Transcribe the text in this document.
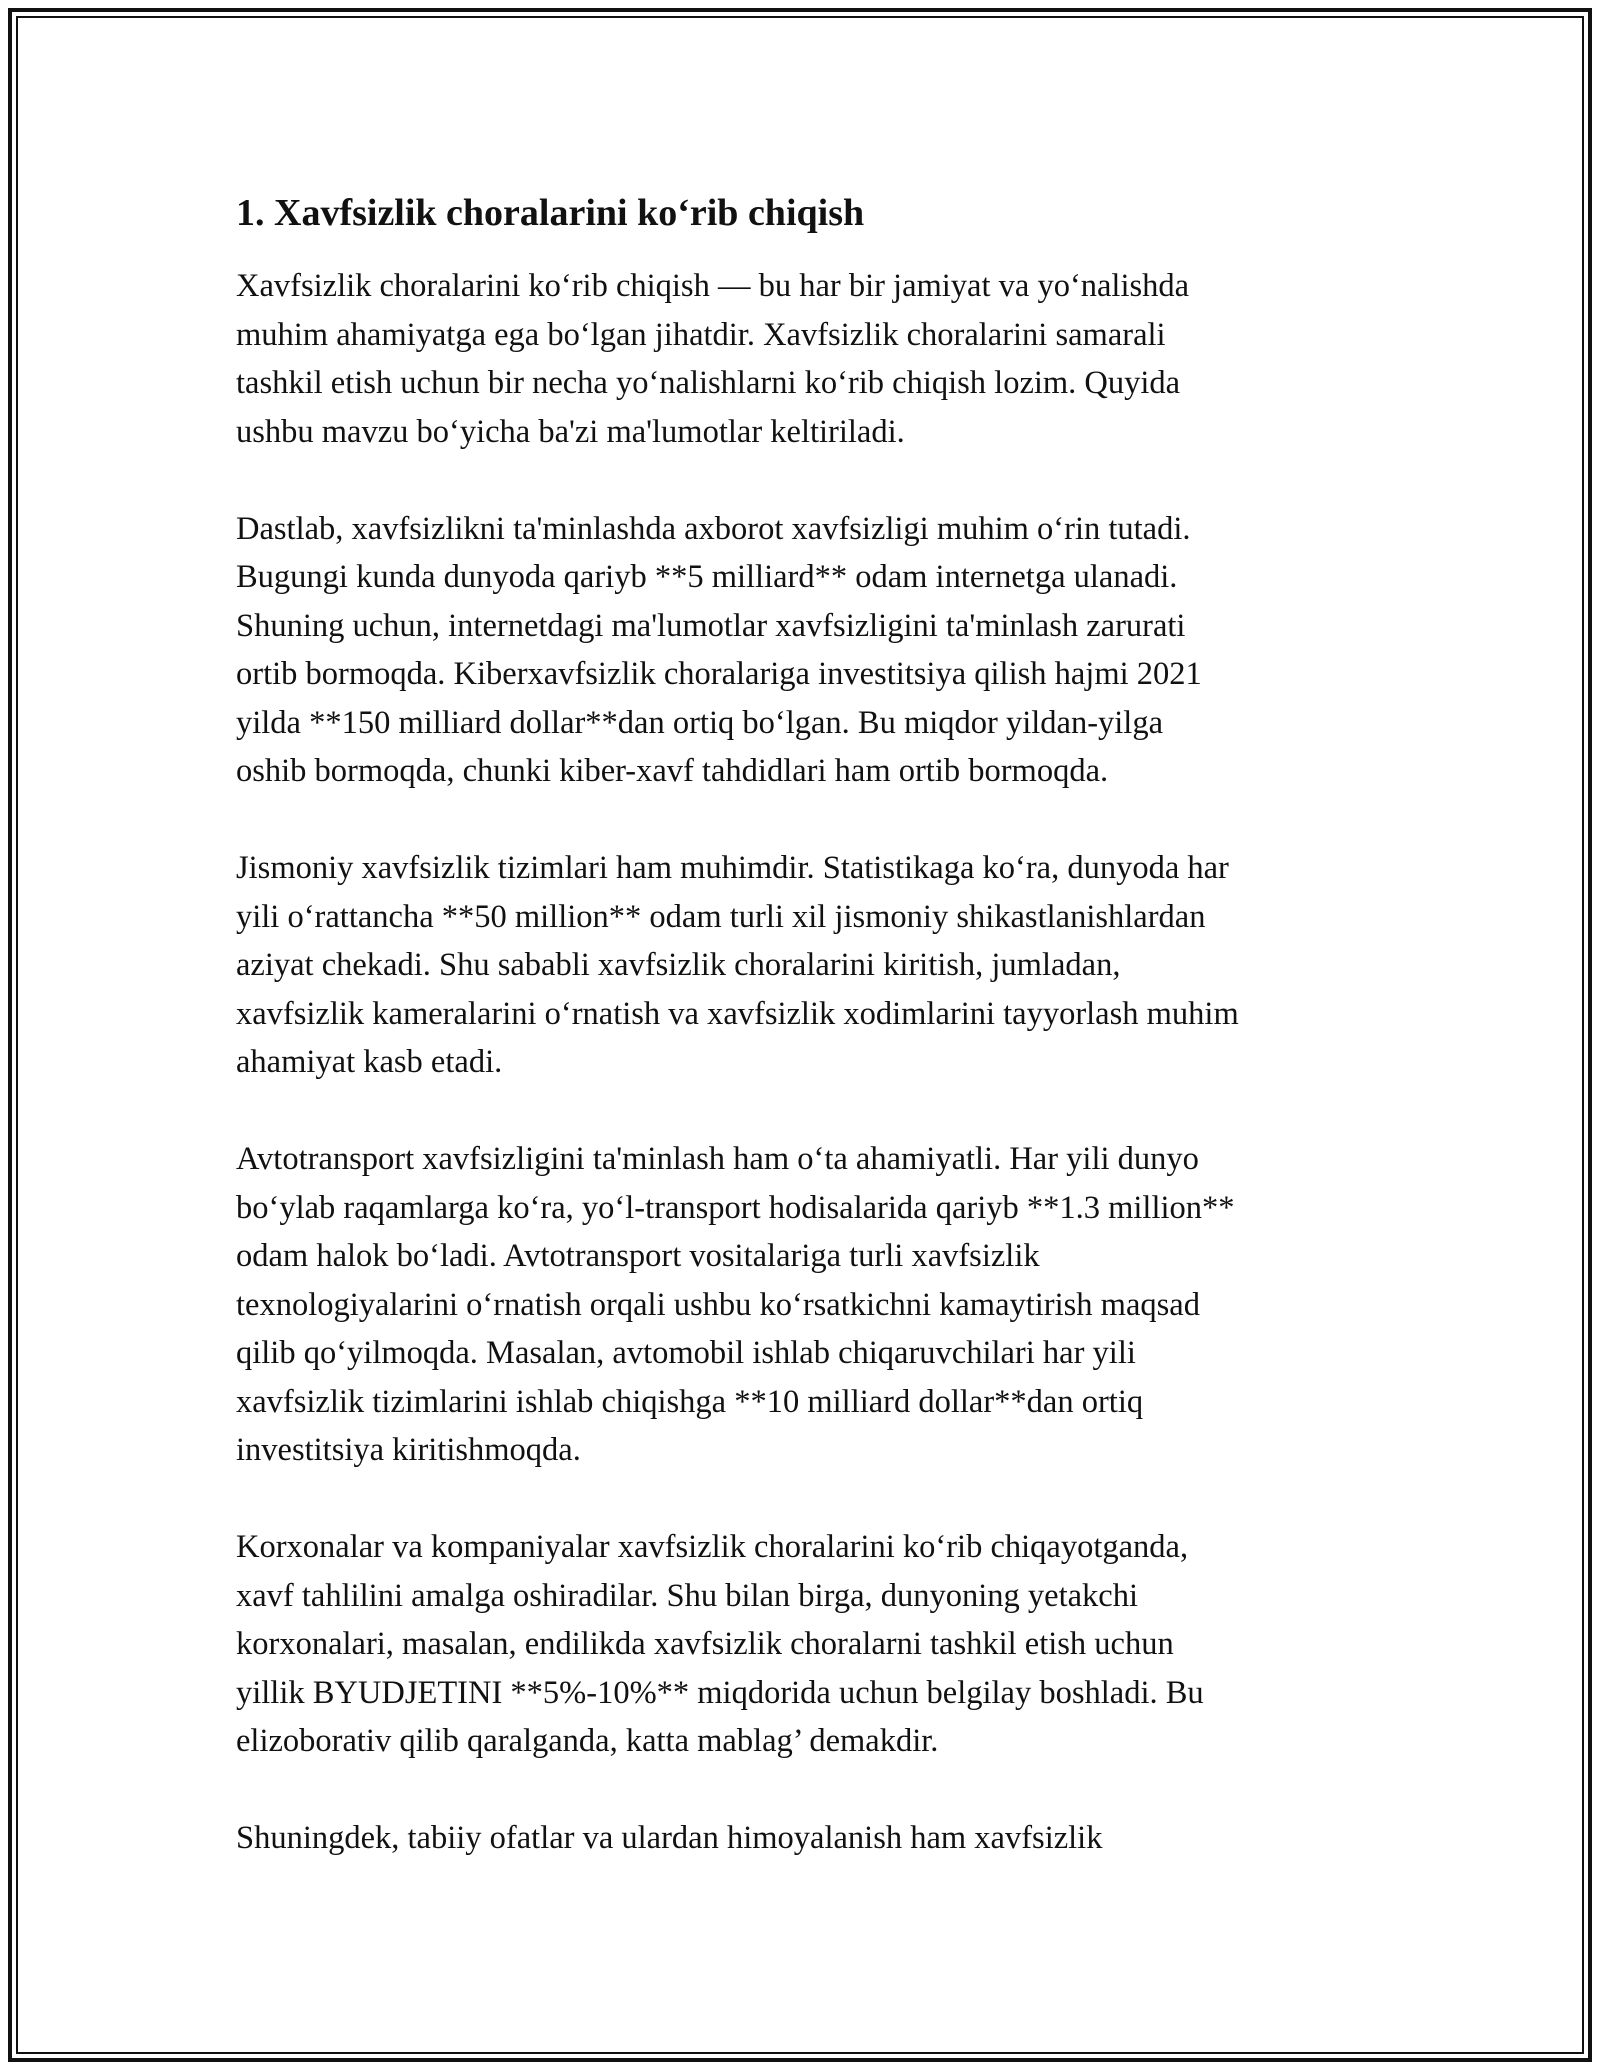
1. Xavfsizlik choralarini koʻrib chiqish
Xavfsizlik choralarini koʻrib chiqish — bu har bir jamiyat va yoʻnalishda
muhim ahamiyatga ega boʻlgan jihatdir. Xavfsizlik choralarini samarali
tashkil etish uchun bir necha yoʻnalishlarni koʻrib chiqish lozim. Quyida
ushbu mavzu boʻyicha ba'zi ma'lumotlar keltiriladi.
Dastlab, xavfsizlikni ta'minlashda axborot xavfsizligi muhim oʻrin tutadi.
Bugungi kunda dunyoda qariyb **5 milliard** odam internetga ulanadi.
Shuning uchun, internetdagi ma'lumotlar xavfsizligini ta'minlash zarurati
ortib bormoqda. Kiberxavfsizlik choralariga investitsiya qilish hajmi 2021
yilda **150 milliard dollar**dan ortiq boʻlgan. Bu miqdor yildan-yilga
oshib bormoqda, chunki kiber-xavf tahdidlari ham ortib bormoqda.
Jismoniy xavfsizlik tizimlari ham muhimdir. Statistikaga koʻra, dunyoda har
yili oʻrattancha **50 million** odam turli xil jismoniy shikastlanishlardan
aziyat chekadi. Shu sababli xavfsizlik choralarini kiritish, jumladan,
xavfsizlik kameralarini oʻrnatish va xavfsizlik xodimlarini tayyorlash muhim
ahamiyat kasb etadi.
Avtotransport xavfsizligini ta'minlash ham oʻta ahamiyatli. Har yili dunyo
boʻylab raqamlarga koʻra, yoʻl-transport hodisalarida qariyb **1.3 million**
odam halok boʻladi. Avtotransport vositalariga turli xavfsizlik
texnologiyalarini oʻrnatish orqali ushbu koʻrsatkichni kamaytirish maqsad
qilib qoʻyilmoqda. Masalan, avtomobil ishlab chiqaruvchilari har yili
xavfsizlik tizimlarini ishlab chiqishga **10 milliard dollar**dan ortiq
investitsiya kiritishmoqda.
Korxonalar va kompaniyalar xavfsizlik choralarini koʻrib chiqayotganda,
xavf tahlilini amalga oshiradilar. Shu bilan birga, dunyoning yetakchi
korxonalari, masalan, endilikda xavfsizlik choralarni tashkil etish uchun
yillik BYUDJETINI **5%-10%** miqdorida uchun belgilay boshladi. Bu
elizoborativ qilib qaralganda, katta mablag’ demakdir.
Shuningdek, tabiiy ofatlar va ulardan himoyalanish ham xavfsizlik
